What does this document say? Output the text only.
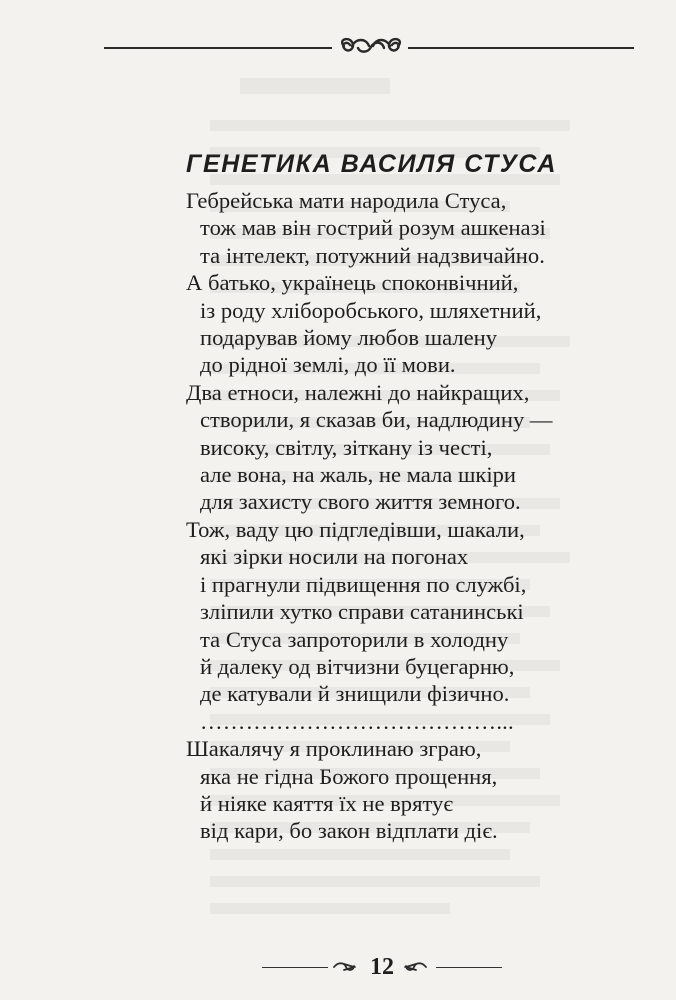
ГЕНЕТИКА ВАСИЛЯ СТУСА
Гебрейська мати народила Стуса,
тож мав він гострий розум ашкеназі
та інтелект, потужний надзвичайно.
А батько, українець споконвічний,
із роду хліборобського, шляхетний,
подарував йому любов шалену
до рідної землі, до її мови.
Два етноси, належні до найкращих,
створили, я сказав би, надлюдину —
високу, світлу, зіткану із честі,
але вона, на жаль, не мала шкіри
для захисту свого життя земного.
Тож, ваду цю підгледівши, шакали,
які зірки носили на погонах
і прагнули підвищення по службі,
зліпили хутко справи сатанинські
та Стуса запроторили в холодну
й далеку од вітчизни буцегарню,
де катували й знищили фізично.
…………………………………...
Шакалячу я проклинаю зграю,
яка не гідна Божого прощення,
й ніяке каяття їх не врятує
від кари, бо закон відплати діє.
12
